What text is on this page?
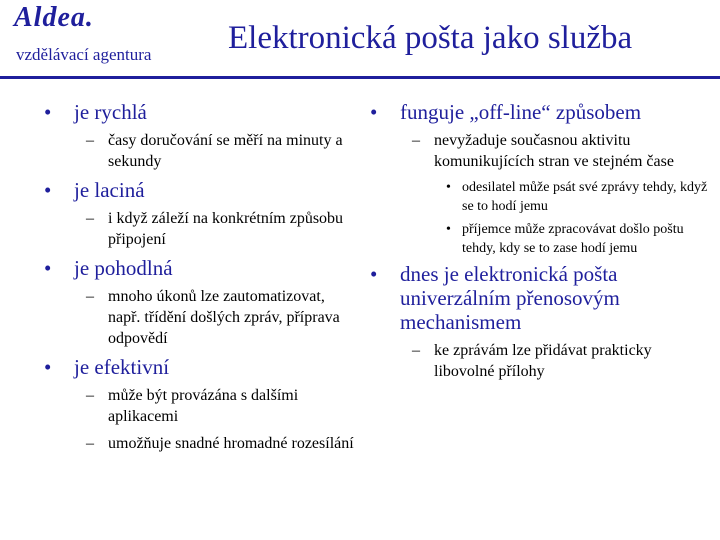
Aldea.
vzdělávací agentura Elektronická pošta jako služba
• je rychlá
– časy doručování se měří na minuty a sekundy
• je laciná
– i když záleží na konkrétním způsobu připojení
• je pohodlná
– mnoho úkonů lze zautomatizovat, např. třídění došlých zpráv, příprava odpovědí
• je efektivní
– může být provázána s dalšími aplikacemi
– umožňuje snadné hromadné rozesílání
• funguje „off-line“ způsobem
– nevyžaduje současnou aktivitu komunikujících stran ve stejném čase
• odesilatel může psát své zprávy tehdy, když se to hodí jemu
• příjemce může zpracovávat došlo poštu tehdy, kdy se to zase hodí jemu
• dnes je elektronická pošta univerzálním přenosovým mechanismem
– ke zprávám lze přidávat prakticky libovolné přílohy
